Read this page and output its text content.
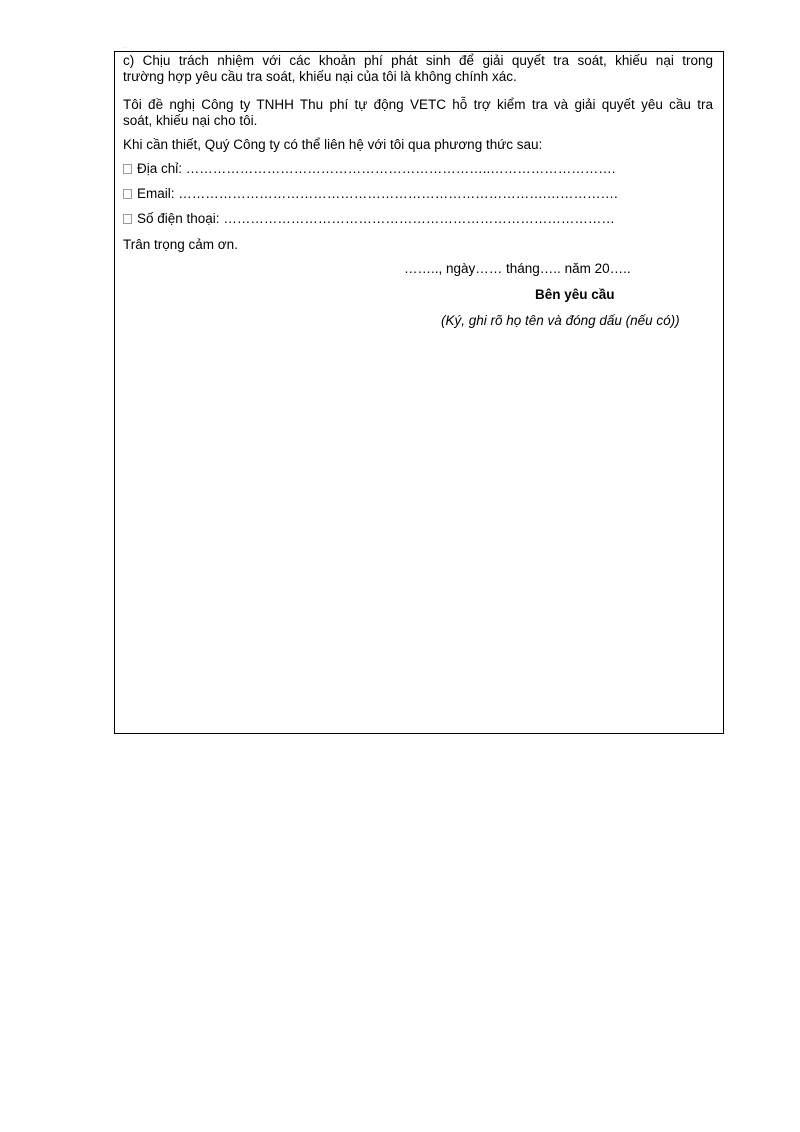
—
c) Chịu trách nhiệm với các khoản phí phát sinh để giải quyết tra soát, khiếu nại trong
trường hợp yêu cầu tra soát, khiếu nại của tôi là không chính xác.
Tôi đề nghị Công ty TNHH Thu phí tự động VETC hỗ trợ kiểm tra và giải quyết yêu cầu tra
soát, khiếu nại cho tôi.
Khi cần thiết, Quý Công ty có thể liên hệ với tôi qua phương thức sau:
Địa chỉ: …………………………………………………………..……………………….
Email: ……………………………………………………………………….…………….
Số điện thoại: ……………………………………………………………………………
Trân trọng cảm ơn.
…….., ngày…… tháng….. năm 20…..
Bên yêu cầu
(Ký, ghi rõ họ tên và đóng dấu (nếu có))
